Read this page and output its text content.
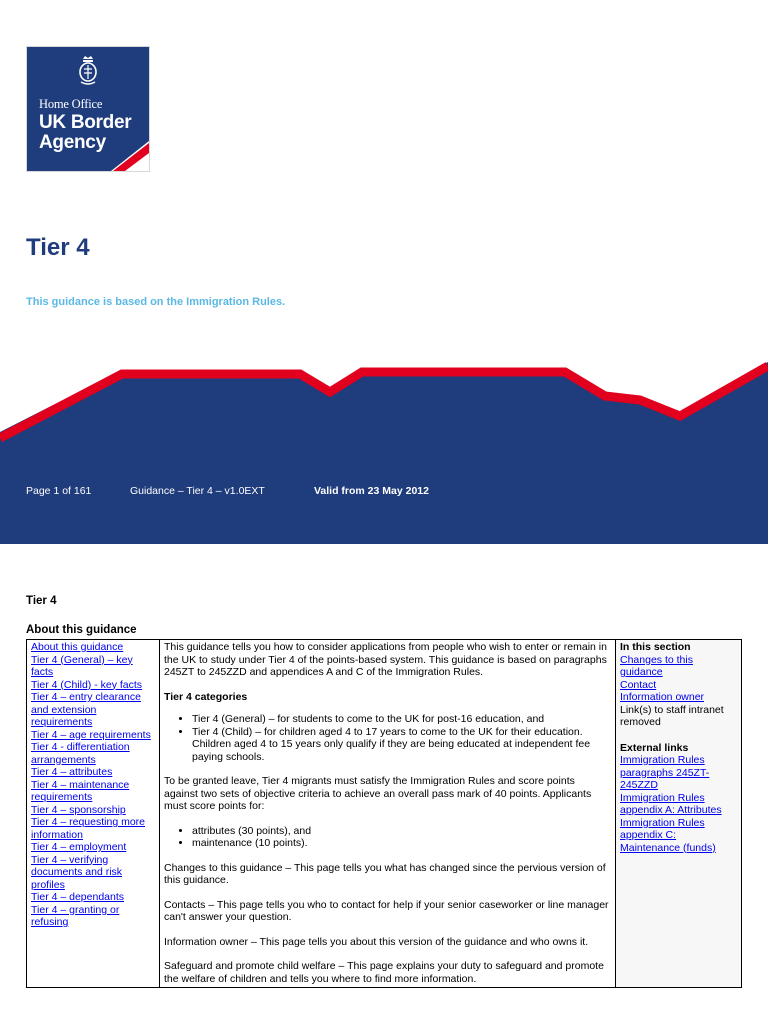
Home Office
UK Border
Agency
Tier 4

This guidance is based on the Immigration Rules.

Page 1 of 161	Guidance – Tier 4 – v1.0EXT	Valid from 23 May 2012
Tier 4
About this guidance
About this guidance
Tier 4 (General) – key facts
Tier 4 (Child) - key facts
Tier 4 – entry clearance and extension requirements
Tier 4 – age requirements
Tier 4 - differentiation arrangements
Tier 4 – attributes
Tier 4 – maintenance requirements
Tier 4 – sponsorship
Tier 4 – requesting more information
Tier 4 – employment
Tier 4 – verifying documents and risk profiles
Tier 4 – dependants
Tier 4 – granting or refusing

This guidance tells you how to consider applications from people who wish to enter or remain in the UK to study under Tier 4 of the points-based system. This guidance is based on paragraphs 245ZT to 245ZZD and appendices A and C of the Immigration Rules.

Tier 4 categories

• Tier 4 (General) – for students to come to the UK for post-16 education, and
• Tier 4 (Child) – for children aged 4 to 17 years to come to the UK for their education. Children aged 4 to 15 years only qualify if they are being educated at independent fee paying schools.

To be granted leave, Tier 4 migrants must satisfy the Immigration Rules and score points against two sets of objective criteria to achieve an overall pass mark of 40 points. Applicants must score points for:

• attributes (30 points), and
• maintenance (10 points).

Changes to this guidance – This page tells you what has changed since the pervious version of this guidance.

Contacts – This page tells you who to contact for help if your senior caseworker or line manager can't answer your question.

Information owner – This page tells you about this version of the guidance and who owns it.

Safeguard and promote child welfare – This page explains your duty to safeguard and promote the welfare of children and tells you where to find more information.

In this section
Changes to this guidance
Contact
Information owner
Link(s) to staff intranet removed
External links
Immigration Rules paragraphs 245ZT-245ZZD
Immigration Rules appendix A: Attributes
Immigration Rules appendix C: Maintenance (funds)
